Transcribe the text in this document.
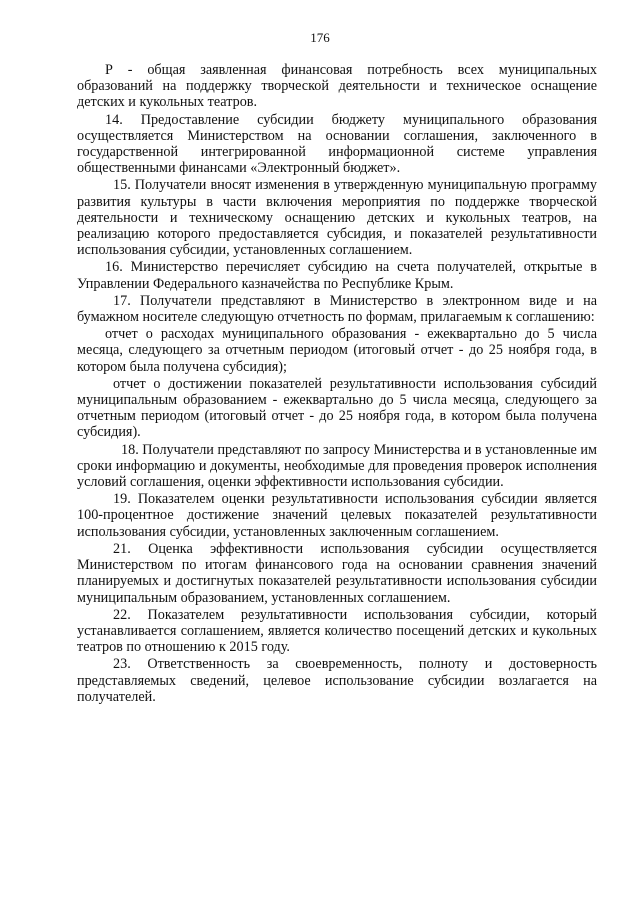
176

Р - общая заявленная финансовая потребность всех муниципальных образований на поддержку творческой деятельности и техническое оснащение детских и кукольных театров.

14. Предоставление субсидии бюджету муниципального образования осуществляется Министерством на основании соглашения, заключенного в государственной интегрированной информационной системе управления общественными финансами «Электронный бюджет».

15. Получатели вносят изменения в утвержденную муниципальную программу развития культуры в части включения мероприятия по поддержке творческой деятельности и техническому оснащению детских и кукольных театров, на реализацию которого предоставляется субсидия, и показателей результативности использования субсидии, установленных соглашением.

16. Министерство перечисляет субсидию на счета получателей, открытые в Управлении Федерального казначейства по Республике Крым.

17. Получатели представляют в Министерство в электронном виде и на бумажном носителе следующую отчетность по формам, прилагаемым к соглашению:

отчет о расходах муниципального образования - ежеквартально до 5 числа месяца, следующего за отчетным периодом (итоговый отчет - до 25 ноября года, в котором была получена субсидия);

отчет о достижении показателей результативности использования субсидий муниципальным образованием - ежеквартально до 5 числа месяца, следующего за отчетным периодом (итоговый отчет - до 25 ноября года, в котором была получена субсидия).

18. Получатели представляют по запросу Министерства и в установленные им сроки информацию и документы, необходимые для проведения проверок исполнения условий соглашения, оценки эффективности использования субсидии.

19. Показателем оценки результативности использования субсидии является 100-процентное достижение значений целевых показателей результативности использования субсидии, установленных заключенным соглашением.

21. Оценка эффективности использования субсидии осуществляется Министерством по итогам финансового года на основании сравнения значений планируемых и достигнутых показателей результативности использования субсидии муниципальным образованием, установленных соглашением.

22. Показателем результативности использования субсидии, который устанавливается соглашением, является количество посещений детских и кукольных театров по отношению к 2015 году.

23. Ответственность за своевременность, полноту и достоверность представляемых сведений, целевое использование субсидии возлагается на получателей.
